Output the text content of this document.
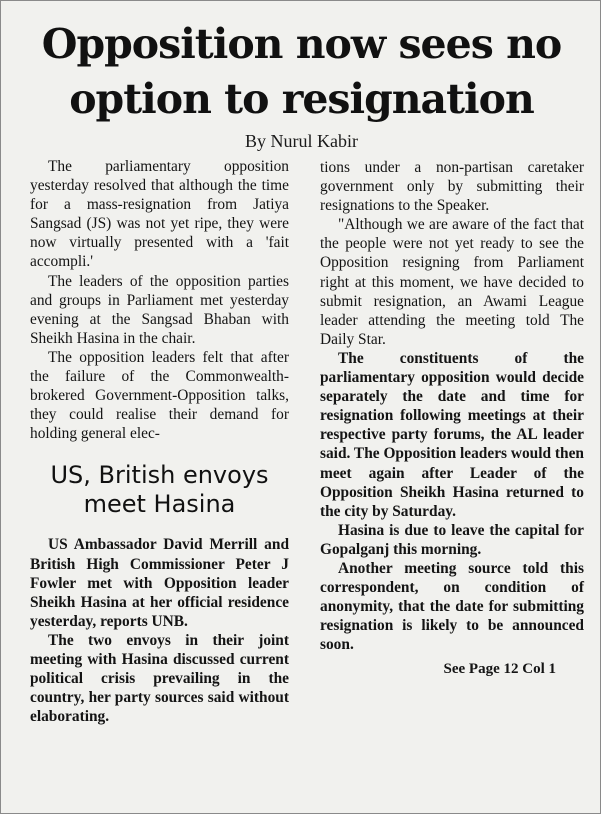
Opposition now sees no
option to resignation
By Nurul Kabir

The parliamentary opposition yesterday resolved that although the time for a mass-resignation from Jatiya Sangsad (JS) was not yet ripe, they were now virtually presented with a 'fait accompli.'

The leaders of the opposition parties and groups in Parliament met yesterday evening at the Sangsad Bhaban with Sheikh Hasina in the chair.

The opposition leaders felt that after the failure of the Commonwealth-brokered Government-Opposition talks, they could realise their demand for holding general elec-

US, British envoys
meet Hasina

US Ambassador David Merrill and British High Commissioner Peter J Fowler met with Opposition leader Sheikh Hasina at her official residence yesterday, reports UNB.

The two envoys in their joint meeting with Hasina discussed current political crisis prevailing in the country, her party sources said without elaborating.

tions under a non-partisan caretaker government only by submitting their resignations to the Speaker.

"Although we are aware of the fact that the people were not yet ready to see the Opposition resigning from Parliament right at this moment, we have decided to submit resignation, an Awami League leader attending the meeting told The Daily Star.

The constituents of the parliamentary opposition would decide separately the date and time for resignation following meetings at their respective party forums, the AL leader said. The Opposition leaders would then meet again after Leader of the Opposition Sheikh Hasina returned to the city by Saturday.

Hasina is due to leave the capital for Gopalganj this morning.

Another meeting source told this correspondent, on condition of anonymity, that the date for submitting resignation is likely to be announced soon.

See Page 12 Col 1
